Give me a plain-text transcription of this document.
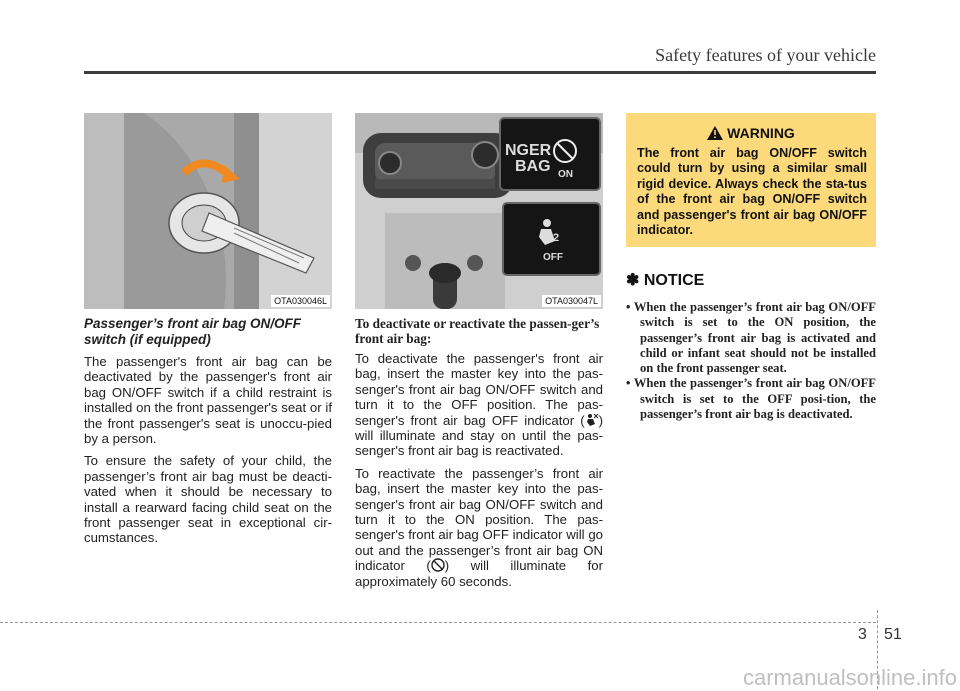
Safety features of your vehicle
OTA030046L
NGER
BAG ON
2
OFF
OTA030047L
Passenger’s front air bag ON/OFF switch (if equipped)

The passenger's front air bag can be deactivated by the passenger's front air bag ON/OFF switch if a child restraint is installed on the front passenger's seat or if the front passenger's seat is unoccu-pied by a person.

To ensure the safety of your child, the passenger’s front air bag must be deacti-vated when it should be necessary to install a rearward facing child seat on the front passenger seat in exceptional cir-cumstances.

To deactivate or reactivate the passen-ger’s front air bag:

To deactivate the passenger's front air bag, insert the master key into the pas-senger's front air bag ON/OFF switch and turn it to the OFF position. The pas-senger's front air bag OFF indicator ( ) will illuminate and stay on until the pas-senger's front air bag is reactivated.

To reactivate the passenger’s front air bag, insert the master key into the pas-senger's front air bag ON/OFF switch and turn it to the ON position. The pas-senger's front air bag OFF indicator will go out and the passenger’s front air bag ON indicator ( ) will illuminate for approximately 60 seconds.

WARNING
The front air bag ON/OFF switch could turn by using a similar small rigid device. Always check the sta-tus of the front air bag ON/OFF switch and passenger's front air bag ON/OFF indicator.
✽ NOTICE
• When the passenger’s front air bag ON/OFF switch is set to the ON position, the passenger’s front air bag is activated and child or infant seat should not be installed on the front passenger seat.
• When the passenger’s front air bag ON/OFF switch is set to the OFF posi-tion, the passenger’s front air bag is deactivated.
3 51
carmanualsonline.info
